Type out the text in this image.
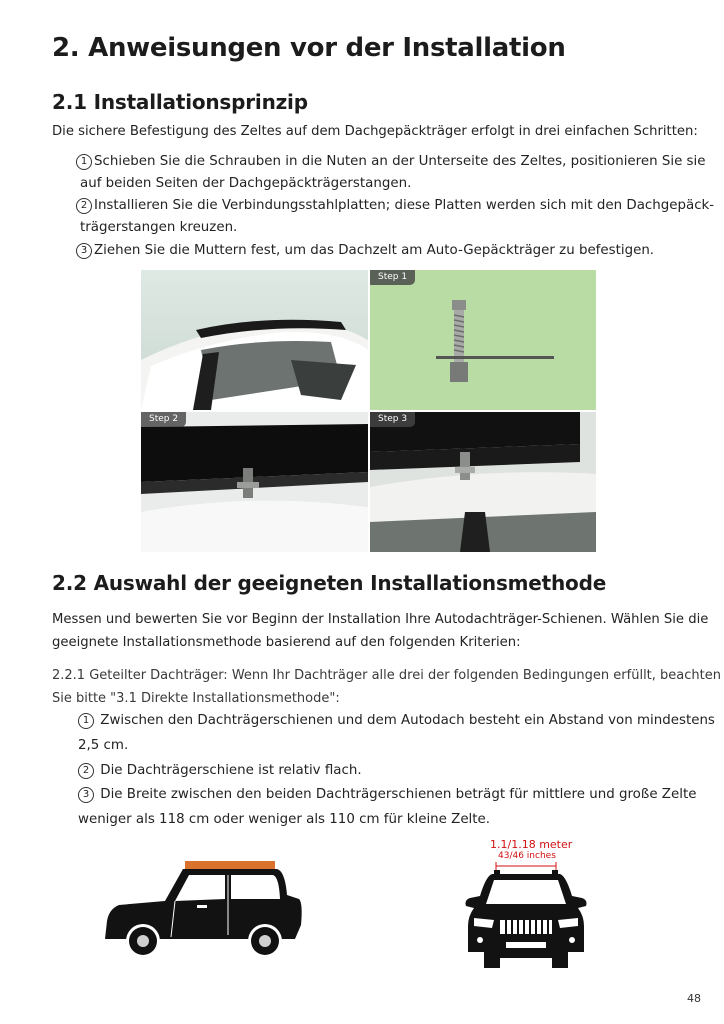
2. Anweisungen vor der Installation
2.1 Installationsprinzip
Die sichere Befestigung des Zeltes auf dem Dachgepäckträger erfolgt in drei einfachen Schritten:
1 Schieben Sie die Schrauben in die Nuten an der Unterseite des Zeltes, positionieren Sie sie
auf beiden Seiten der Dachgepäckträgerstangen.
2 Installieren Sie die Verbindungsstahlplatten; diese Platten werden sich mit den Dachgepäck-
trägerstangen kreuzen.
3 Ziehen Sie die Muttern fest, um das Dachzelt am Auto-Gepäckträger zu befestigen.
Step 1
Step 2	Step 3
2.2 Auswahl der geeigneten Installationsmethode
Messen und bewerten Sie vor Beginn der Installation Ihre Autodachträger-Schienen. Wählen Sie die
geeignete Installationsmethode basierend auf den folgenden Kriterien:
2.2.1 Geteilter Dachträger: Wenn Ihr Dachträger alle drei der folgenden Bedingungen erfüllt, beachten
Sie bitte "3.1 Direkte Installationsmethode":
1 Zwischen den Dachträgerschienen und dem Autodach besteht ein Abstand von mindestens
2,5 cm.
2 Die Dachträgerschiene ist relativ flach.
3 Die Breite zwischen den beiden Dachträgerschienen beträgt für mittlere und große Zelte
weniger als 118 cm oder weniger als 110 cm für kleine Zelte.
1.1/1.18 meter
43/46 inches
48
